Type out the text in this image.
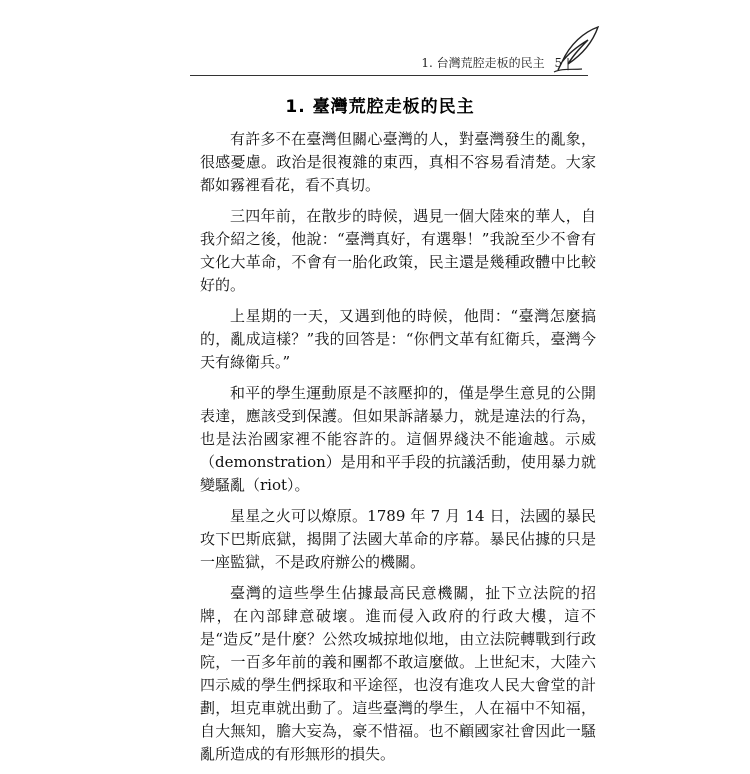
1. 台灣荒腔走板的民主 5 |
1. 臺灣荒腔走板的民主

有許多不在臺灣但關心臺灣的人，對臺灣發生的亂象，很感憂慮。政治是很複雜的東西，真相不容易看清楚。大家都如霧裡看花，看不真切。

三四年前，在散步的時候，遇見一個大陸來的華人，自我介紹之後，他說：“臺灣真好，有選舉！”我說至少不會有文化大革命，不會有一胎化政策，民主還是幾種政體中比較好的。

上星期的一天，又遇到他的時候，他問：“臺灣怎麼搞的，亂成這樣？”我的回答是：“你們文革有紅衛兵，臺灣今天有綠衛兵。”

和平的學生運動原是不該壓抑的，僅是學生意見的公開表達，應該受到保護。但如果訴諸暴力，就是違法的行為，也是法治國家裡不能容許的。這個界綫決不能逾越。示威（demonstration）是用和平手段的抗議活動，使用暴力就變騷亂（riot）。

星星之火可以燎原。1789 年 7 月 14 日，法國的暴民攻下巴斯底獄，揭開了法國大革命的序幕。暴民佔據的只是一座監獄，不是政府辦公的機關。

臺灣的這些學生佔據最高民意機關，扯下立法院的招牌，在內部肆意破壞。進而侵入政府的行政大樓，這不是“造反”是什麼？公然攻城掠地似地，由立法院轉戰到行政院，一百多年前的義和團都不敢這麼做。上世紀末，大陸六四示威的學生們採取和平途徑，也沒有進攻人民大會堂的計劃，坦克車就出動了。這些臺灣的學生，人在福中不知福，自大無知，膽大妄為，豪不惜福。也不顧國家社會因此一騷亂所造成的有形無形的損失。
